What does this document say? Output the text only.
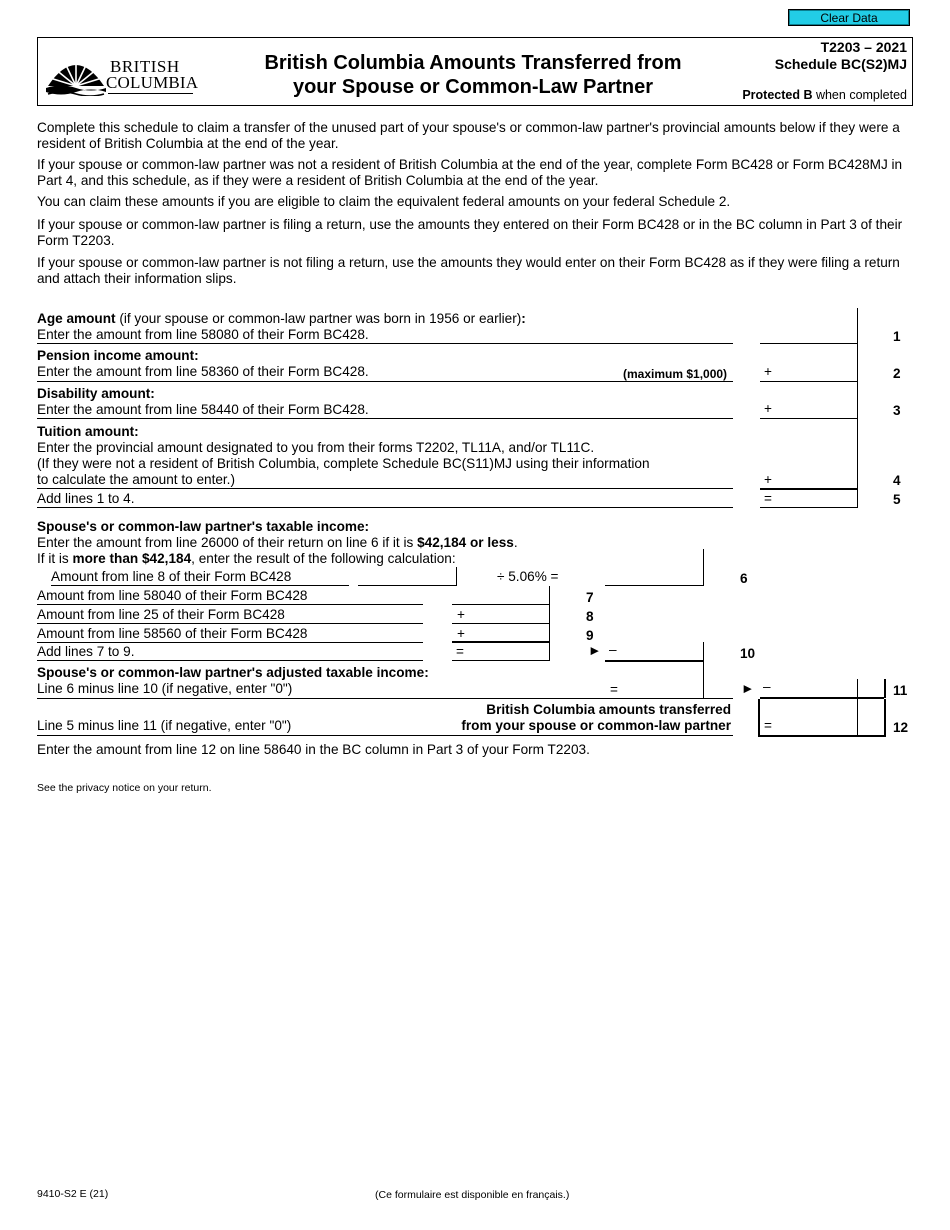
Clear Data
BRITISH
COLUMBIA
British Columbia Amounts Transferred from
your Spouse or Common-Law Partner
T2203 – 2021
Schedule BC(S2)MJ
Protected B when completed
Complete this schedule to claim a transfer of the unused part of your spouse's or common-law partner's provincial amounts below if they were a resident of British Columbia at the end of the year.
If your spouse or common-law partner was not a resident of British Columbia at the end of the year, complete Form BC428 or Form BC428MJ in Part 4, and this schedule, as if they were a resident of British Columbia at the end of the year.
You can claim these amounts if you are eligible to claim the equivalent federal amounts on your federal Schedule 2.
If your spouse or common-law partner is filing a return, use the amounts they entered on their Form BC428 or in the BC column in Part 3 of their Form T2203.
If your spouse or common-law partner is not filing a return, use the amounts they would enter on their Form BC428 as if they were filing a return and attach their information slips.
Age amount (if your spouse or common-law partner was born in 1956 or earlier):
Enter the amount from line 58080 of their Form BC428.	1
Pension income amount:
Enter the amount from line 58360 of their Form BC428.	(maximum $1,000)	+	2
Disability amount:
Enter the amount from line 58440 of their Form BC428.	+	3
Tuition amount:
Enter the provincial amount designated to you from their forms T2202, TL11A, and/or TL11C.
(If they were not a resident of British Columbia, complete Schedule BC(S11)MJ using their information
to calculate the amount to enter.)	+	4
Add lines 1 to 4.	=	5
Spouse's or common-law partner's taxable income:
Enter the amount from line 26000 of their return on line 6 if it is $42,184 or less.
If it is more than $42,184, enter the result of the following calculation:
Amount from line 8 of their Form BC428	÷ 5.06% =	6
Amount from line 58040 of their Form BC428	7
Amount from line 25 of their Form BC428	+	8
Amount from line 58560 of their Form BC428	+	9
Add lines 7 to 9.	=	► –	10
Spouse's or common-law partner's adjusted taxable income:
Line 6 minus line 10 (if negative, enter "0")	=	► –	11
Line 5 minus line 11 (if negative, enter "0")
British Columbia amounts transferred
from your spouse or common-law partner =	12
Enter the amount from line 12 on line 58640 in the BC column in Part 3 of your Form T2203.
See the privacy notice on your return.
9410-S2 E (21)	(Ce formulaire est disponible en français.)
